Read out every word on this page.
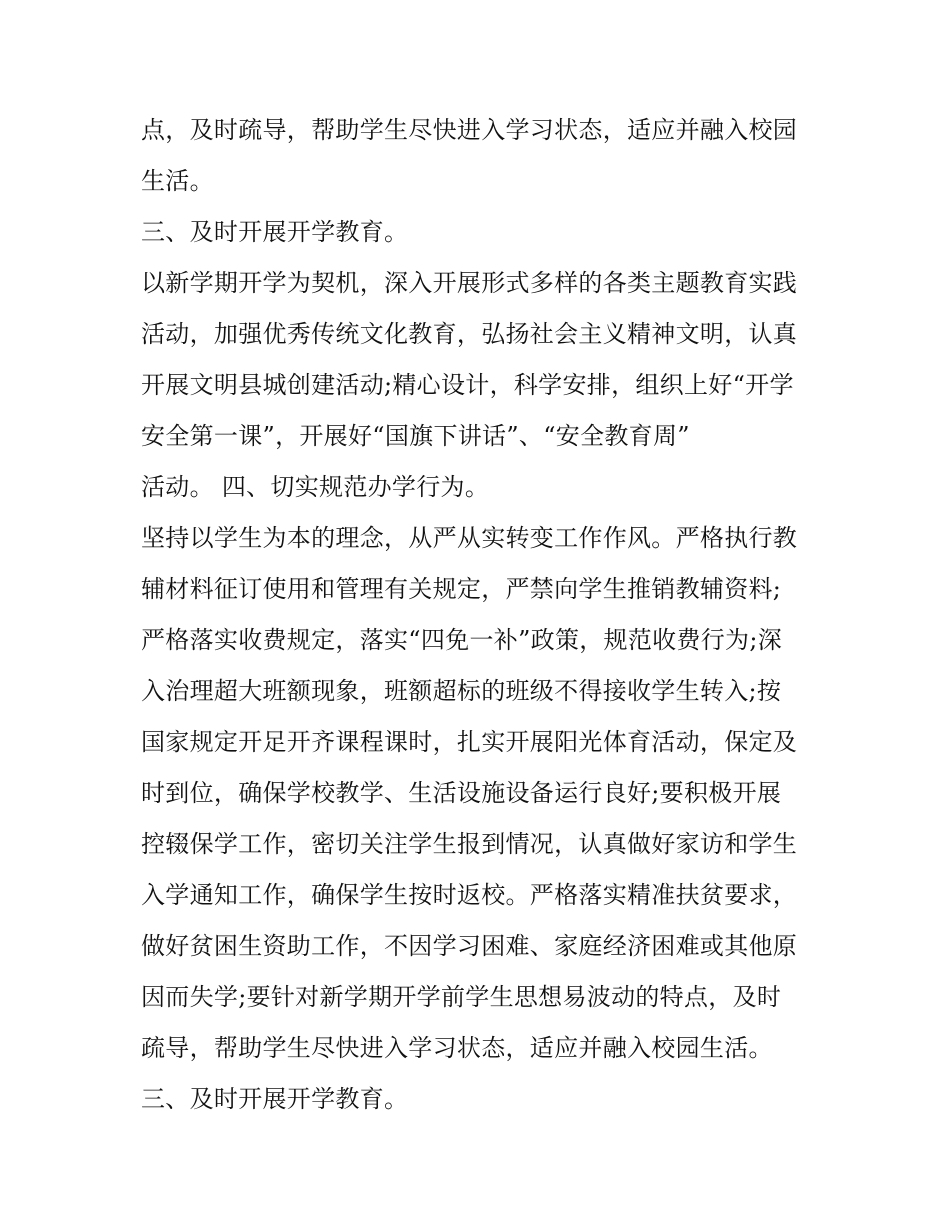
点，及时疏导，帮助学生尽快进入学习状态，适应并融入校园
生活。
三、及时开展开学教育。
以新学期开学为契机，深入开展形式多样的各类主题教育实践
活动，加强优秀传统文化教育，弘扬社会主义精神文明，认真
开展文明县城创建活动;精心设计，科学安排，组织上好“开学
安全第一课”，开展好“国旗下讲话”、“安全教育周”
活动。 四、切实规范办学行为。
坚持以学生为本的理念，从严从实转变工作作风。严格执行教
辅材料征订使用和管理有关规定，严禁向学生推销教辅资料;
严格落实收费规定，落实“四免一补”政策，规范收费行为;深
入治理超大班额现象，班额超标的班级不得接收学生转入;按
国家规定开足开齐课程课时，扎实开展阳光体育活动，保定及
时到位，确保学校教学、生活设施设备运行良好;要积极开展
控辍保学工作，密切关注学生报到情况，认真做好家访和学生
入学通知工作，确保学生按时返校。严格落实精准扶贫要求，
做好贫困生资助工作，不因学习困难、家庭经济困难或其他原
因而失学;要针对新学期开学前学生思想易波动的特点，及时
疏导，帮助学生尽快进入学习状态，适应并融入校园生活。
三、及时开展开学教育。
